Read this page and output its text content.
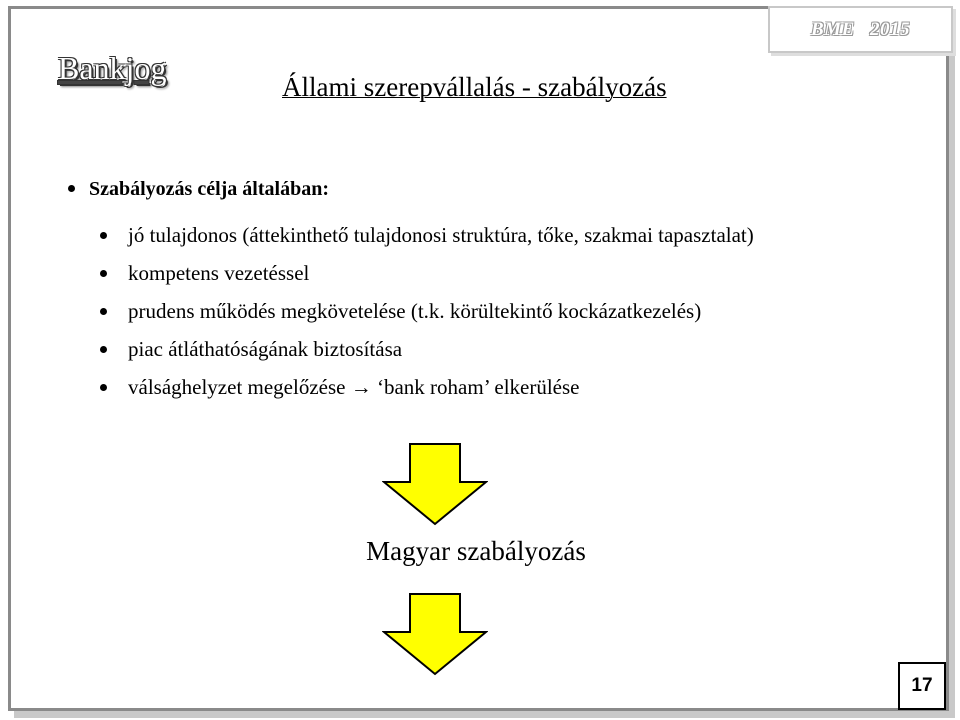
BME 2015
Bankjog
Állami szerepvállalás - szabályozás
Szabályozás célja általában:
jó tulajdonos (áttekinthető tulajdonosi struktúra, tőke, szakmai tapasztalat)
kompetens vezetéssel
prudens működés megkövetelése (t.k. körültekintő kockázatkezelés)
piac átláthatóságának biztosítása
válsághelyzet megelőzése → ‘bank roham’ elkerülése
Magyar szabályozás
17
